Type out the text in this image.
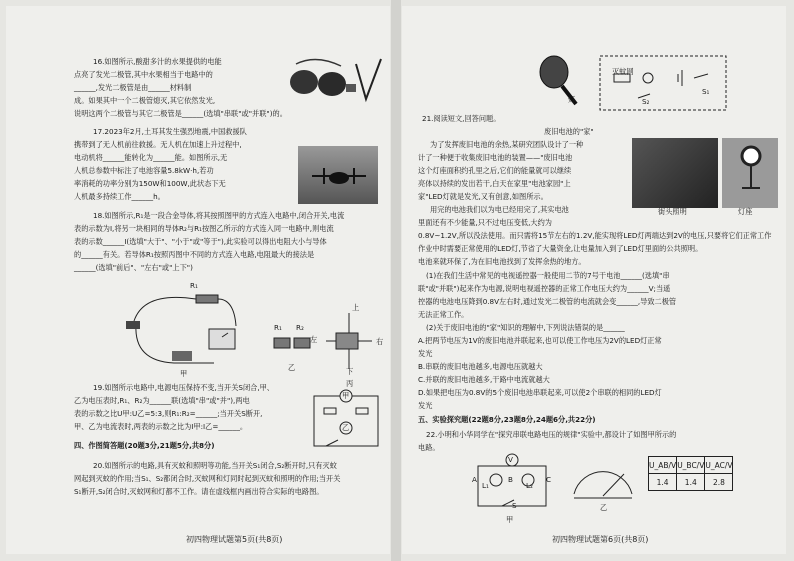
R₁
甲
R₁ R₂
乙
上
左	右
下
丙
甲
乙
16.如图所示,酸甜多汁的水果提供的电能
点亮了发光二极管,其中水果相当于电路中的
______,发光二极管是由______材料制
成。如果其中一个二极管熄灭,其它依然发光,
说明这两个二极管与其它二极管是______(选填"串联"或"并联")的。
17.2023年2月,土耳其发生强烈地震,中国救援队
携带到了无人机前往救援。无人机在加速上升过程中,
电动机将______能转化为______能。如图所示,无
人机总参数中标注了电池容量5.8kW·h,若功
率消耗的功率分别为150W和100W,此状态下无
人机最多持续工作______h。
18.如图所示,R₁是一段合金导体,将其按照图甲的方式连入电路中,闭合开关,电流
表的示数为I,将另一块相同的导体R₂与R₁按图乙所示的方式连入同一电路中,则电流
表的示数______I(选填"大于"、"小于"或"等于"),此实验可以得出电阻大小与导体
的______有关。若导体R₁按照丙图中不同的方式连入电路,电阻最大的接法是
______(选填"前后"、"左右"或"上下")
19.如图所示电路中,电源电压保持不变,当开关S闭合,甲、
乙为电压表时,R₁、R₂为______联(选填"串"或"并"),两电
表的示数之比U甲:U乙=5:3,则R₁:R₂=______;当开关S断开,
甲、乙为电流表时,两表的示数之比为I甲:I乙=______。
四、作图简答题(20题3分,21题5分,共8分)
20.如图所示的电路,具有灭蚊和照明等功能,当开关S₁闭合,S₂断开时,只有灭蚊
网起到灭蚊的作用;当S₁、S₂都闭合时,灭蚊网和灯同时起到灭蚊和照明的作用;当开关
S₁断开,S₂闭合时,灭蚊网和灯都不工作。请在虚线框内画出符合实际的电路图。
初四物理试题第5页(共8页)
灯
灭蚊网
S₁
S₂
街头照明	灯座
V
L₁	L₂
A	B	C
S
甲
乙
U_AB/V	U_BC/V	U_AC/V
1.4	1.4	2.8
21.阅读短文,回答问题。
废旧电池的"家"
为了发挥废旧电池的余热,某研究团队设计了一种
计了一种便于收集废旧电池的装置——"废旧电池
这个灯座面积约孔里之后,它们的能量就可以继续
亮体以持续的发出若干,白天在家里"电池家园"上
家"LED灯就是发光,又有创意,如图所示。
用完的电池我们以为电已经用完了,其实电池
里面还有不少能量,只不过电压变低,大约为
0.8V~1.2V,所以没法使用。而只需将15节左右的1.2V,能实现将LED灯两端达到2V的电压,只要将它们正常工作
作业中时需要正常使用的LED灯,节省了大量资金,让电量加入到了LED灯里面的公共照明。
电池来就环保了,为在旧电池找到了发挥余热的地方。
(1)在我们生活中常见的电视遥控器一般使用二节的7号干电池______(选填"串
联"或"并联")起来作为电源,说明电视遥控器的正常工作电压大约为______V;当遥
控器的电池电压降到0.8V左右时,通过发光二极管的电流就会变______,导致二极管
无法正常工作。
(2)关于废旧电池的"家"知识的理解中,下列说法错误的是______
A.把两节电压为1V的废旧电池并联起来,也可以使工作电压为2V的LED灯正常
发光
B.串联的废旧电池越多,电源电压就越大
C.并联的废旧电池越多,干路中电流就越大
D.如果把电压为0.8V的5个废旧电池串联起来,可以使2个串联的相同的LED灯
发光
五、实验探究题(22题8分,23题8分,24题6分,共22分)
22.小明和小华同学在"探究串联电路电压的规律"实验中,都设计了如图甲所示的
电路。
初四物理试题第6页(共8页)
